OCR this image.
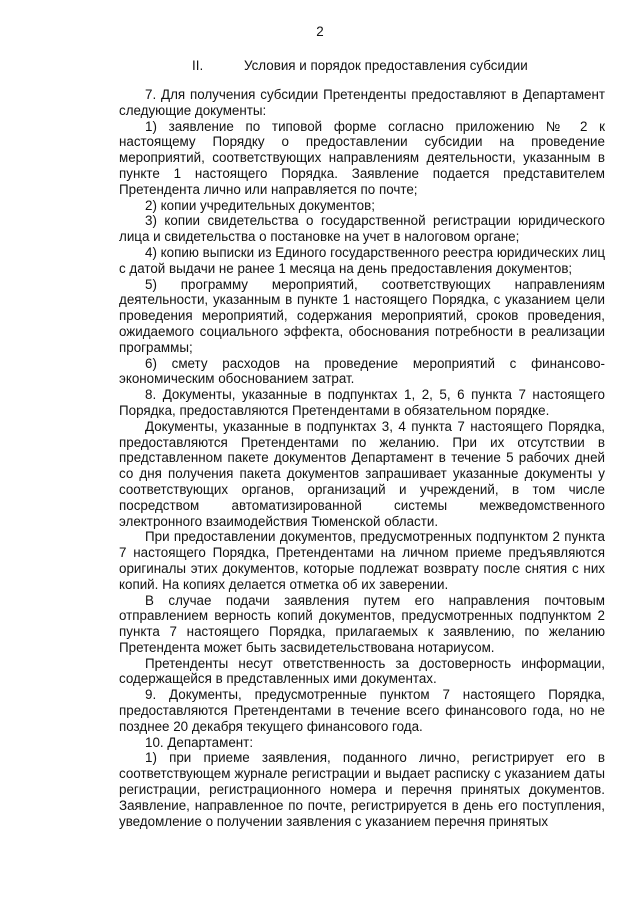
2
II.	Условия и порядок предоставления субсидии

7. Для получения субсидии Претенденты предоставляют в Департамент следующие документы:

1) заявление по типовой форме согласно приложению № 2 к настоящему Порядку о предоставлении субсидии на проведение мероприятий, соответствующих направлениям деятельности, указанным в пункте 1 настоящего Порядка. Заявление подается представителем Претендента лично или направляется по почте;

2) копии учредительных документов;

3) копии свидетельства о государственной регистрации юридического лица и свидетельства о постановке на учет в налоговом органе;

4) копию выписки из Единого государственного реестра юридических лиц с датой выдачи не ранее 1 месяца на день предоставления документов;

5) программу мероприятий, соответствующих направлениям деятельности, указанным в пункте 1 настоящего Порядка, с указанием цели проведения мероприятий, содержания мероприятий, сроков проведения, ожидаемого социального эффекта, обоснования потребности в реализации программы;

6) смету расходов на проведение мероприятий с финансово-экономическим обоснованием затрат.

8. Документы, указанные в подпунктах 1, 2, 5, 6 пункта 7 настоящего Порядка, предоставляются Претендентами в обязательном порядке.

Документы, указанные в подпунктах 3, 4 пункта 7 настоящего Порядка, предоставляются Претендентами по желанию. При их отсутствии в представленном пакете документов Департамент в течение 5 рабочих дней со дня получения пакета документов запрашивает указанные документы у соответствующих органов, организаций и учреждений, в том числе посредством автоматизированной системы межведомственного электронного взаимодействия Тюменской области.

При предоставлении документов, предусмотренных подпунктом 2 пункта 7 настоящего Порядка, Претендентами на личном приеме предъявляются оригиналы этих документов, которые подлежат возврату после снятия с них копий. На копиях делается отметка об их заверении.

В случае подачи заявления путем его направления почтовым отправлением верность копий документов, предусмотренных подпунктом 2 пункта 7 настоящего Порядка, прилагаемых к заявлению, по желанию Претендента может быть засвидетельствована нотариусом.

Претенденты несут ответственность за достоверность информации, содержащейся в представленных ими документах.

9. Документы, предусмотренные пунктом 7 настоящего Порядка, предоставляются Претендентами в течение всего финансового года, но не позднее 20 декабря текущего финансового года.

10. Департамент:

1) при приеме заявления, поданного лично, регистрирует его в соответствующем журнале регистрации и выдает расписку с указанием даты регистрации, регистрационного номера и перечня принятых документов. Заявление, направленное по почте, регистрируется в день его поступления, уведомление о получении заявления с указанием перечня принятых
